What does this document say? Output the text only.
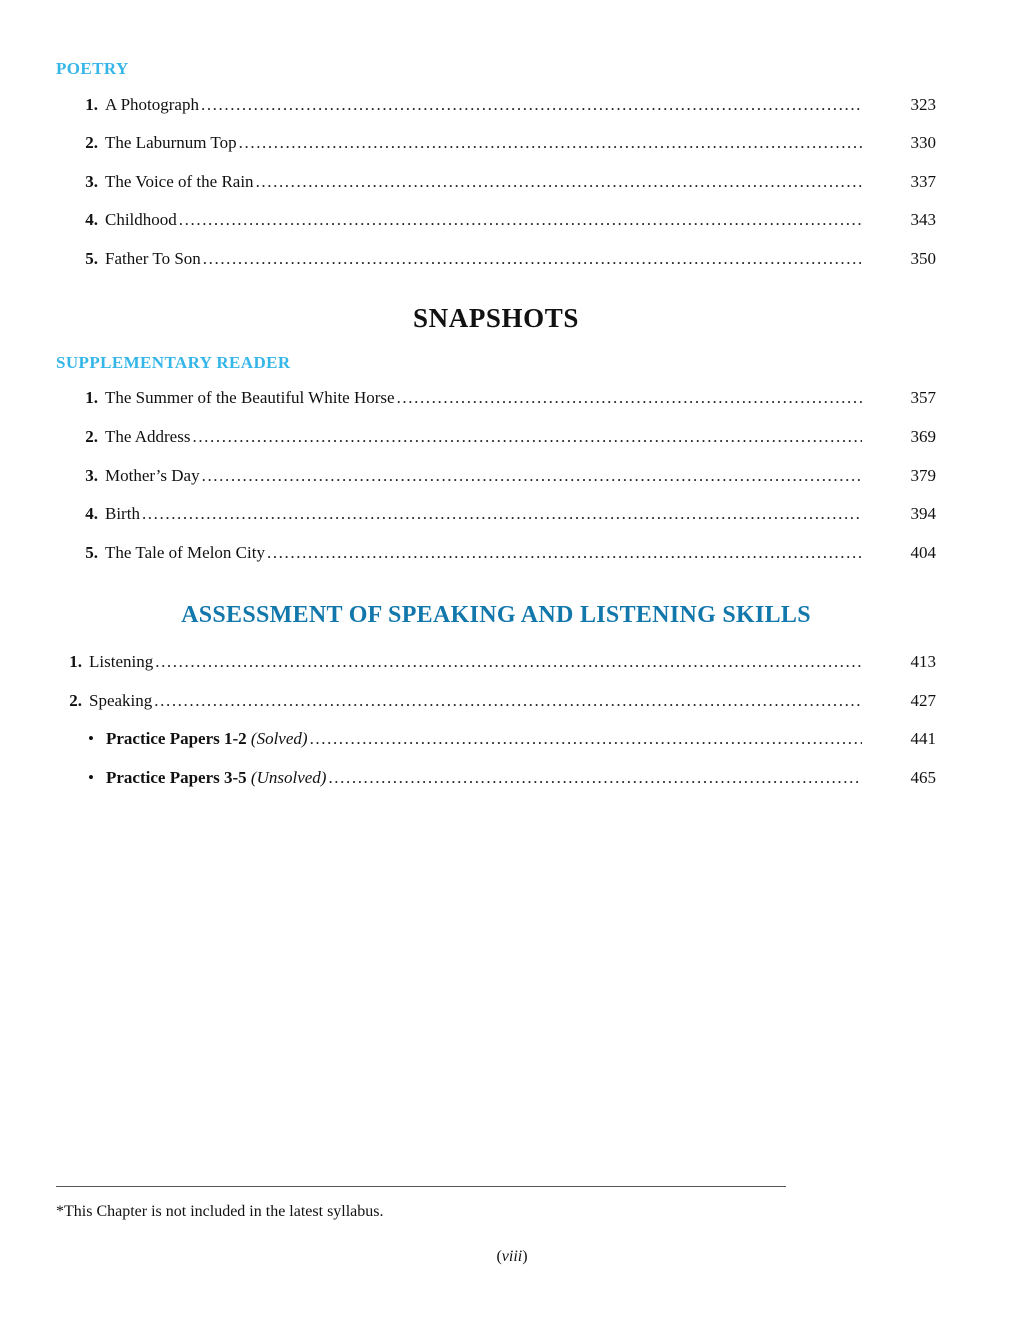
POETRY
1. A Photograph .....	323
2. The Laburnum Top .....	330
3. The Voice of the Rain .....	337
4. Childhood .....	343
5. Father To Son .....	350
SNAPSHOTS
SUPPLEMENTARY READER
1. The Summer of the Beautiful White Horse .....	357
2. The Address .....	369
3. Mother’s Day .....	379
4. Birth .....	394
5. The Tale of Melon City .....	404
ASSESSMENT OF SPEAKING AND LISTENING SKILLS
1. Listening .....	413
2. Speaking .....	427
• Practice Papers 1-2 (Solved) .....	441
• Practice Papers 3-5 (Unsolved) .....	465

*This Chapter is not included in the latest syllabus.

(viii)
